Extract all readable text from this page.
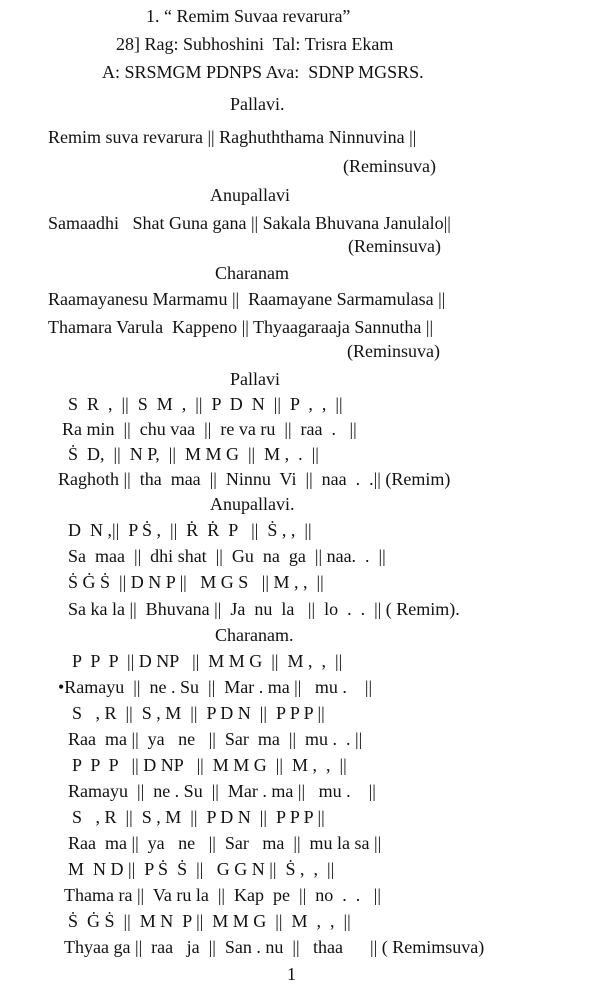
1. “ Remim Suvaa revarura”
28] Rag: Subhoshini  Tal: Trisra Ekam
A: SRSMGM PDNPS Ava:  SDNP MGSRS.
Pallavi.
Remim suva revarura || Raghuththama Ninnuvina ||
(Reminsuva)
Anupallavi
Samaadhi   Shat Guna gana || Sakala Bhuvana Janulalo||
(Reminsuva)
Charanam
Raamayanesu Marmamu ||  Raamayane Sarmamulasa ||
Thamara Varula  Kappeno || Thyaagaraaja Sannutha ||
(Reminsuva)
Pallavi
S  R  ,  ||  S  M  ,  ||  P  D  N  ||  P  ,  ,  ||
Ra min  ||  chu vaa  ||  re va ru  ||  raa  .   ||
Ṡ  D,  ||  N P,  ||  M M G  ||  M ,  .  ||
Raghoth ||  tha  maa  ||  Ninnu  Vi  ||  naa  .  .|| (Remim)
Anupallavi.
D  N ,||  P Ṡ ,  ||  Ṙ  Ṙ  P   ||  Ṡ , ,  ||
Sa  maa  ||  dhi shat  ||  Gu  na  ga  || naa.  .  ||
Ṡ Ġ Ṡ  || D N P ||   M G S   || M , ,  ||
Sa ka la ||  Bhuvana ||  Ja  nu  la   ||  lo  .  .  || ( Remim).
Charanam.
P  P  P  || D NP   ||  M M G  ||  M ,  ,  ||
•Ramayu  ||  ne . Su  ||  Mar . ma ||   mu .    ||
S   , R  ||  S , M  ||  P D N  ||  P P P ||
Raa  ma ||  ya   ne   ||  Sar  ma  ||  mu .  . ||
P  P  P   || D NP   ||  M M G  ||  M ,  ,  ||
Ramayu  ||  ne . Su  ||  Mar . ma ||   mu .    ||
S   , R  ||  S , M  ||  P D N  ||  P P P ||
Raa  ma ||  ya   ne   ||  Sar   ma  ||  mu la sa ||
M  N D ||  P Ṡ  Ṡ  ||   G G N ||  Ṡ ,  ,  ||
Thama ra ||  Va ru la  ||  Kap  pe  ||  no  .  .   ||
Ṡ  Ġ Ṡ  ||  M N  P ||  M M G  ||  M  ,  ,  ||
Thyaa ga ||  raa   ja  ||  San . nu  ||   thaa      || ( Remimsuva)
1
